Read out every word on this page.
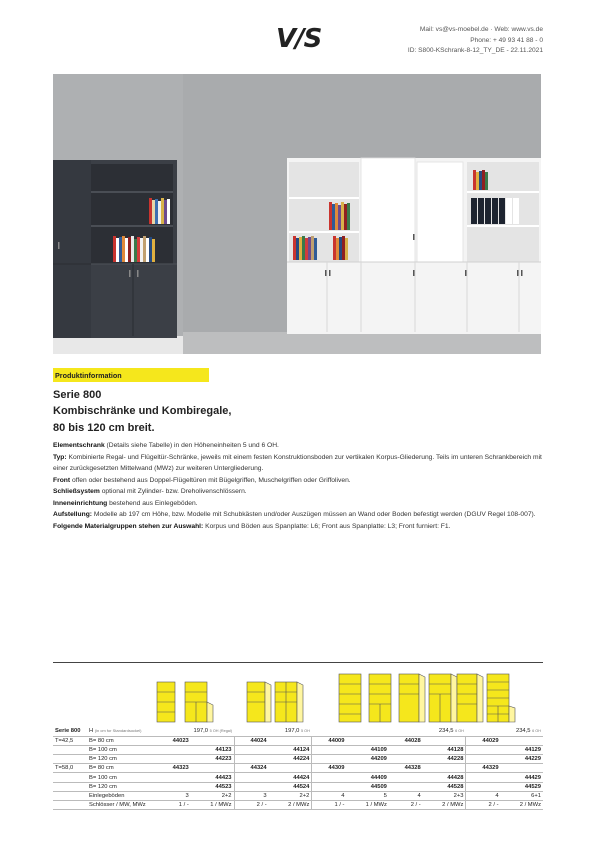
V/S	Mail: vs@vs-moebel.de · Web: www.vs.de
Phone: + 49 93 41 88 - 0
ID: S800-KSchrank-8-12_TY_DE - 22.11.2021
Produktinformation
Serie 800
Kombischränke und Kombiregale,
80 bis 120 cm breit.
Elementschrank (Details siehe Tabelle) in den Höheneinheiten 5 und 6 OH.
Typ: Kombinierte Regal- und Flügeltür-Schränke, jeweils mit einem festen Konstruktionsboden zur vertikalen Korpus-Gliederung. Teils im unteren Schrankbereich mit einer zurückgesetzten Mittelwand (MWz) zur weiteren Untergliederung.
Front offen oder bestehend aus Doppel-Flügeltüren mit Bügelgriffen, Muschelgriffen oder Griffoliven.
Schließsystem optional mit Zylinder- bzw. Dreholivenschlössern.
Inneneinrichtung bestehend aus Einlegeböden.
Aufstellung: Modelle ab 197 cm Höhe, bzw. Modelle mit Schubkästen und/oder Auszügen müssen an Wand oder Boden befestigt werden (DGUV Regel 108-007).
Folgende Materialgruppen stehen zur Auswahl: Korpus und Böden aus Spanplatte: L6; Front aus Spanplatte: L3; Front furniert: F1.
Serie 800	H (in cm for Standardsockel)	197,0 5 OH (Regal)		197,0 5 OH		234,5 6 OH				234,5 6 OH	
T=42,5	B= 80 cm	44023		44024		44009		44028		44029	
	B= 100 cm		44123		44124		44109		44128		44129
	B= 120 cm		44223		44224		44209		44228		44229
T=58,0	B= 80 cm	44323		44324		44309		44328		44329	
	B= 100 cm		44423		44424		44409		44428		44429
	B= 120 cm		44523		44524		44509		44528		44529
	Einlegeböden	3	2+2	3	2+2	4	5	4	2+3	4	6+1
	Schlösser / MW, MWz	1 / -	1 / MWz	2 / -	2 / MWz	1 / -	1 / MWz	2 / -	2 / MWz	2 / -	2 / MWz
